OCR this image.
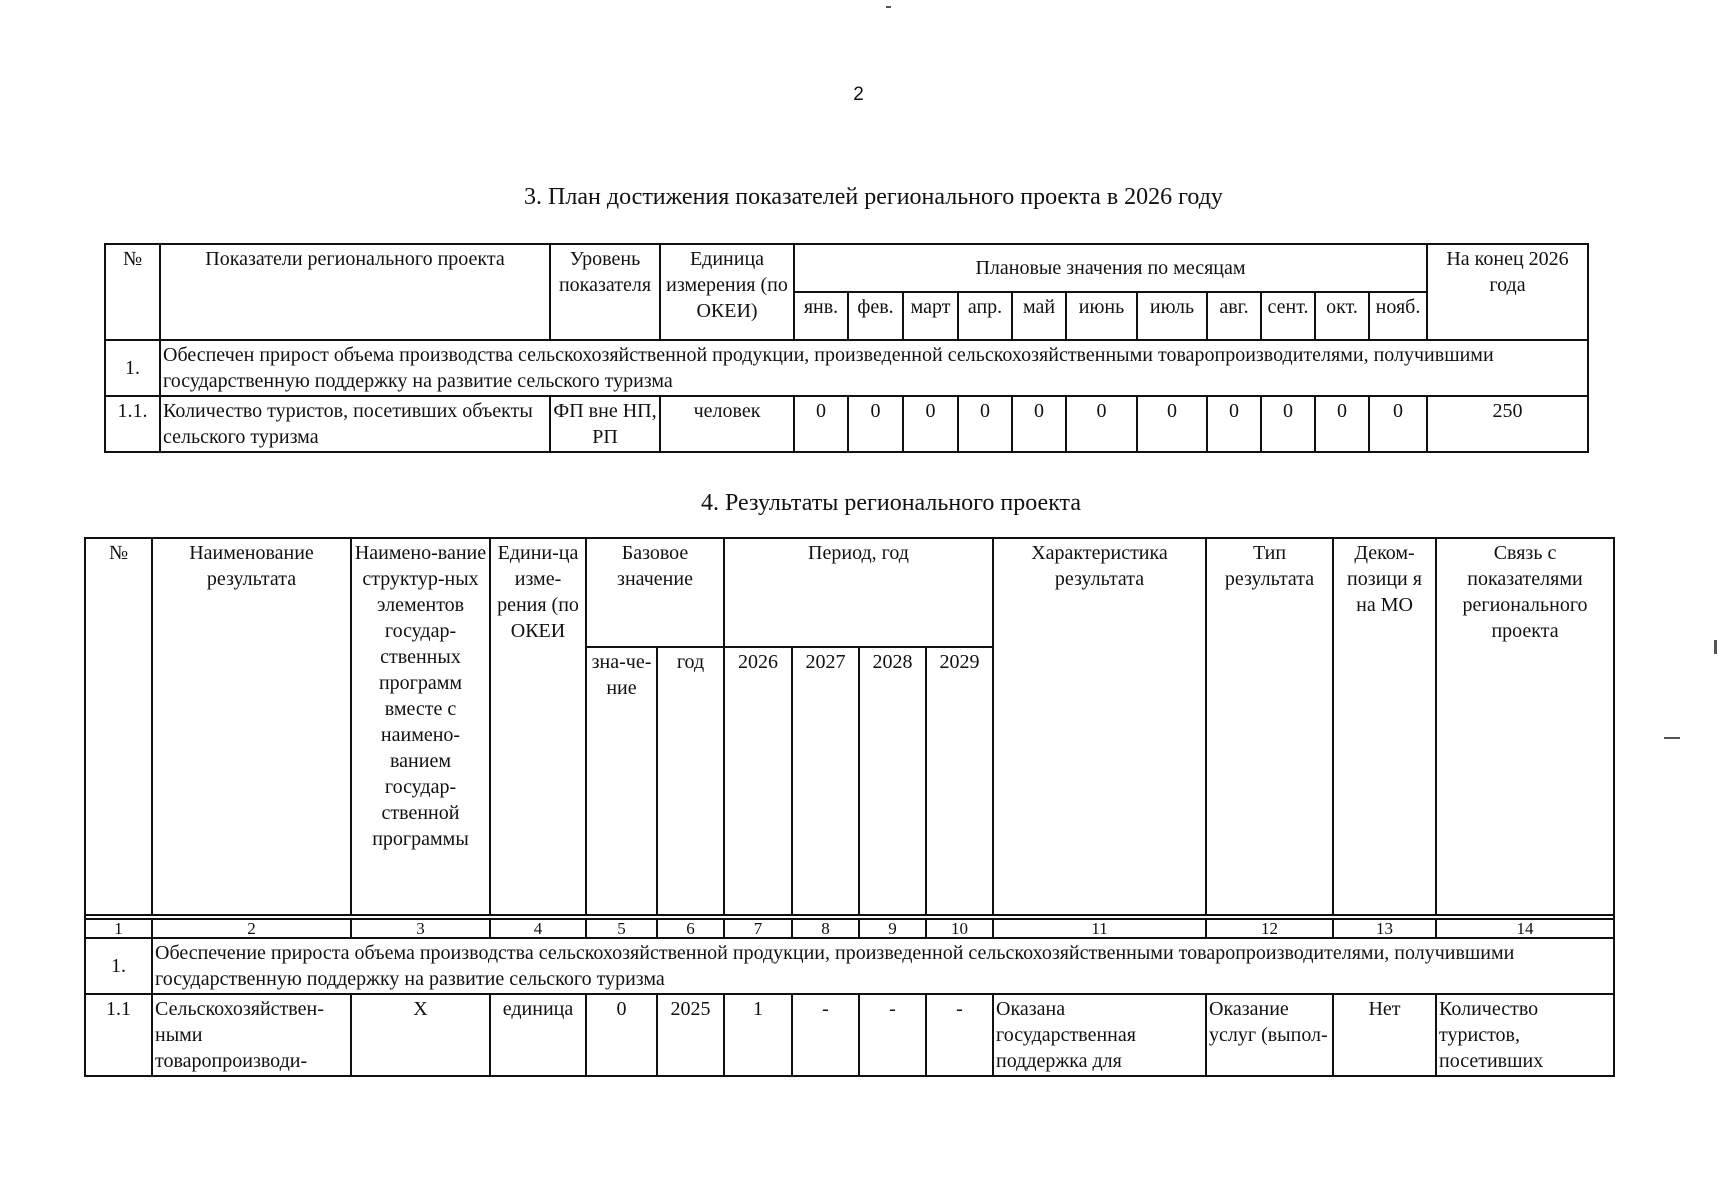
2
3. План достижения показателей регионального проекта в 2026 году
№	Показатели регионального проекта	Уровень показателя	Единица измерения (по ОКЕИ)	Плановые значения по месяцам											На конец 2026 года
				янв.	фев.	март	апр.	май	июнь	июль	авг.	сент.	окт.	нояб.	
1.	Обеспечен прирост объема производства сельскохозяйственной продукции, произведенной сельскохозяйственными товаропроизводителями, получившими государственную поддержку на развитие сельского туризма														
1.1.	Количество туристов, посетивших объекты сельского туризма	ФП вне НП, РП	человек	0	0	0	0	0	0	0	0	0	0	0	250
4. Результаты регионального проекта
№	Наименование результата	Наимено-вание структур-ных элементов государ-ственных программ вместе с наимено-ванием государ-ственной программы	Едини-ца изме-рения (по ОКЕИ	Базовое значение		Период, год				Характеристика результата	Тип результата	Деком-позици я на МО	Связь с показателями регионального проекта
				зна-че-ние	год	2026	2027	2028	2029				

1	2	3	4	5	6	7	8	9	10	11	12	13	14
1.	Обеспечение прироста объема производства сельскохозяйственной продукции, произведенной сельскохозяйственными товаропроизводителями, получившими государственную поддержку на развитие сельского туризма												
1.1	Сельскохозяйствен-ными товаропроизводи-	Х	единица	0	2025	1	-	-	-	Оказана государственная поддержка для	Оказание услуг (выпол-	Нет	Количество туристов, посетивших
